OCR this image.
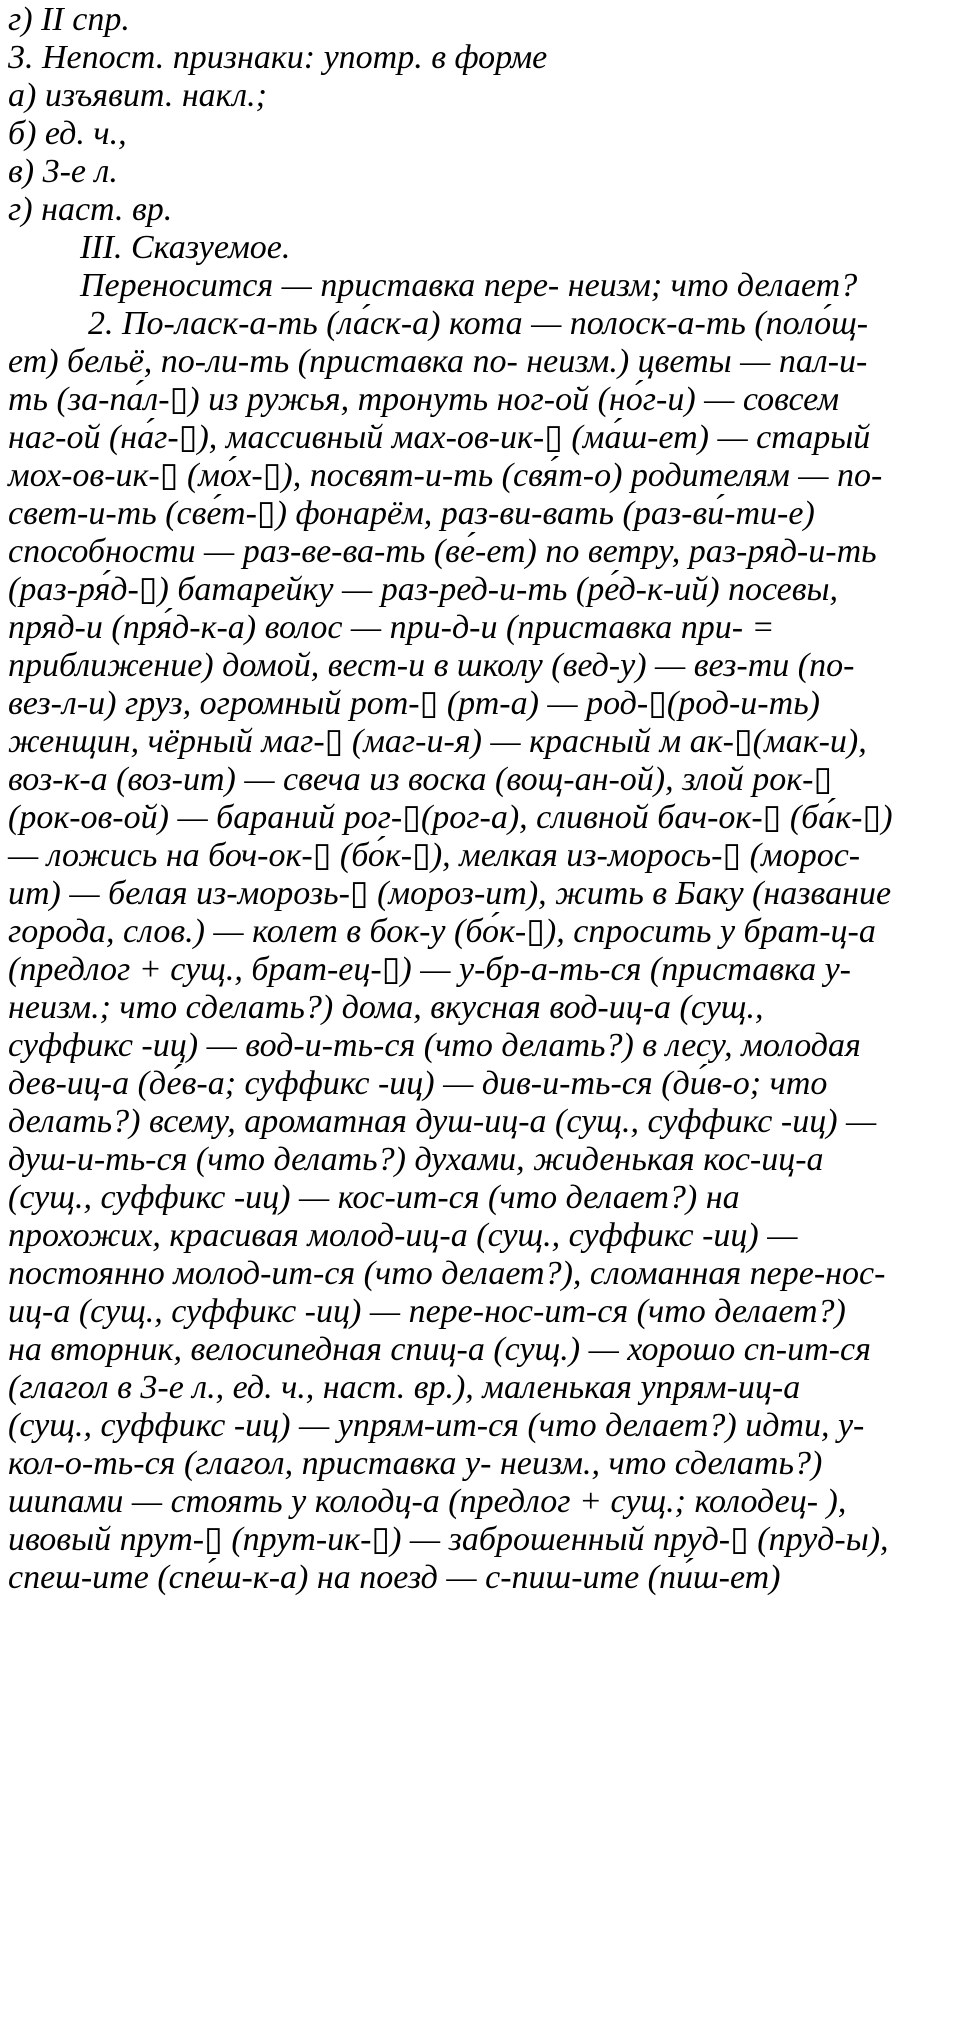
г) II спр.
3. Непост. признаки: употр. в форме
а) изъявит. накл.;
б) ед. ч.,
в) 3-е л.
г) наст. вр.
III. Сказуемое.
Переносится — приставка пере- неизм; что делает?
2. По-ласк-а-ть (ла́ск-а) кота — полоск-а-ть (поло́щ-
ет) бельё, по-ли-ть (приставка по- неизм.) цветы — пал-и-
ть (за-па́л-▯) из ружья, тронуть ног-ой (но́г-и) — совсем
наг-ой (на́г-▯), массивный мах-ов-ик-▯ (ма́ш-ет) — старый
мох-ов-ик-▯ (мо́х-▯), посвят-и-ть (свя́т-о) родителям — по-
свет-и-ть (све́т-▯) фонарём, раз-ви-вать (раз-ви́-ти-е)
способности — раз-ве-ва-ть (ве́-ет) по ветру, раз-ряд-и-ть
(раз-ря́д-▯) батарейку — раз-ред-и-ть (ре́д-к-ий) посевы,
пряд-и (пря́д-к-а) волос — при-д-и (приставка при- =
приближение) домой, вест-и в школу (вед-у) — вез-ти (по-
вез-л-и) груз, огромный рот-▯ (рт-а) — род-▯(род-и-ть)
женщин, чёрный маг-▯ (маг-и-я) — красный м ак-▯(мак-и),
воз-к-а (воз-ит) — свеча из воска (вощ-ан-ой), злой рок-▯
(рок-ов-ой) — бараний рог-▯(рог-а), сливной бач-ок-▯ (ба́к-▯)
— ложись на боч-ок-▯ (бо́к-▯), мелкая из-морось-▯ (морос-
ит) — белая из-морозь-▯ (мороз-ит), жить в Баку (название
города, слов.) — колет в бок-у (бо́к-▯), спросить у брат-ц-а
(предлог + сущ., брат-ец-▯) — у-бр-а-ть-ся (приставка у-
неизм.; что сделать?) дома, вкусная вод-иц-а (сущ.,
суффикс -иц) — вод-и-ть-ся (что делать?) в лесу, молодая
дев-иц-а (де́в-а; суффикс -иц) — див-и-ть-ся (ди́в-о; что
делать?) всему, ароматная душ-иц-а (сущ., суффикс -иц) —
душ-и-ть-ся (что делать?) духами, жиденькая кос-иц-а
(сущ., суффикс -иц) — кос-ит-ся (что делает?) на
прохожих, красивая молод-иц-а (сущ., суффикс -иц) —
постоянно молод-ит-ся (что делает?), сломанная пере-нос-
иц-а (сущ., суффикс -иц) — пере-нос-ит-ся (что делает?)
на вторник, велосипедная спиц-а (сущ.) — хорошо сп-ит-ся
(глагол в 3-е л., ед. ч., наст. вр.), маленькая упрям-иц-а
(сущ., суффикс -иц) — упрям-ит-ся (что делает?) идти, у-
кол-о-ть-ся (глагол, приставка у- неизм., что сделать?)
шипами — стоять у колодц-а (предлог + сущ.; колодец- ),
ивовый прут-▯ (прут-ик-▯) — заброшенный пруд-▯ (пруд-ы),
спеш-ите (спе́ш-к-а) на поезд — с-пиш-ите (пи́ш-ет)
